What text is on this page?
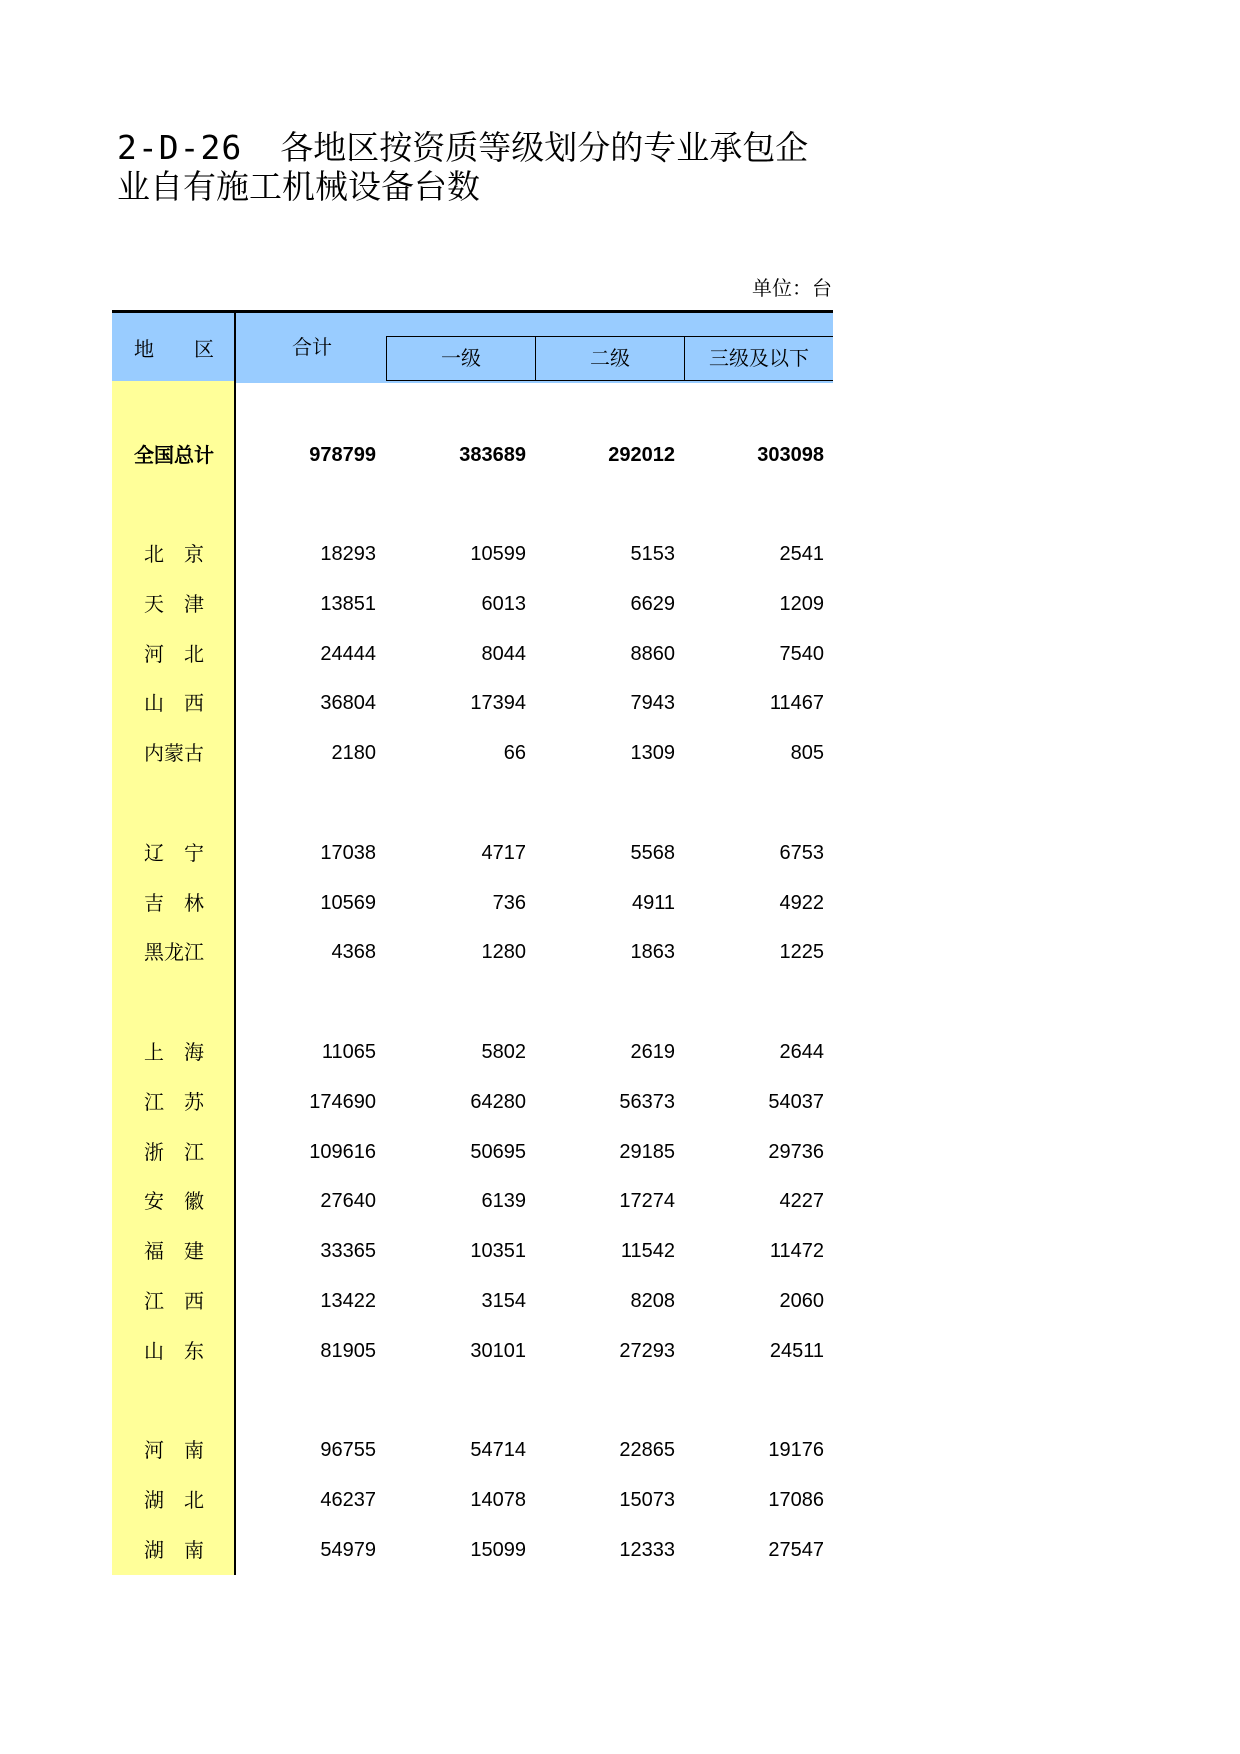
2-D-26 各地区按资质等级划分的专业承包企业自有施工机械设备台数
单位：台
地 区	合计	一级	二级	三级及以下
全国总计	978799	383689	292012	303098
北京	18293	10599	5153	2541
天津	13851	6013	6629	1209
河北	24444	8044	8860	7540
山西	36804	17394	7943	11467
内蒙古	2180	66	1309	805
辽宁	17038	4717	5568	6753
吉林	10569	736	4911	4922
黑龙江	4368	1280	1863	1225
上海	11065	5802	2619	2644
江苏	174690	64280	56373	54037
浙江	109616	50695	29185	29736
安徽	27640	6139	17274	4227
福建	33365	10351	11542	11472
江西	13422	3154	8208	2060
山东	81905	30101	27293	24511
河南	96755	54714	22865	19176
湖北	46237	14078	15073	17086
湖南	54979	15099	12333	27547
